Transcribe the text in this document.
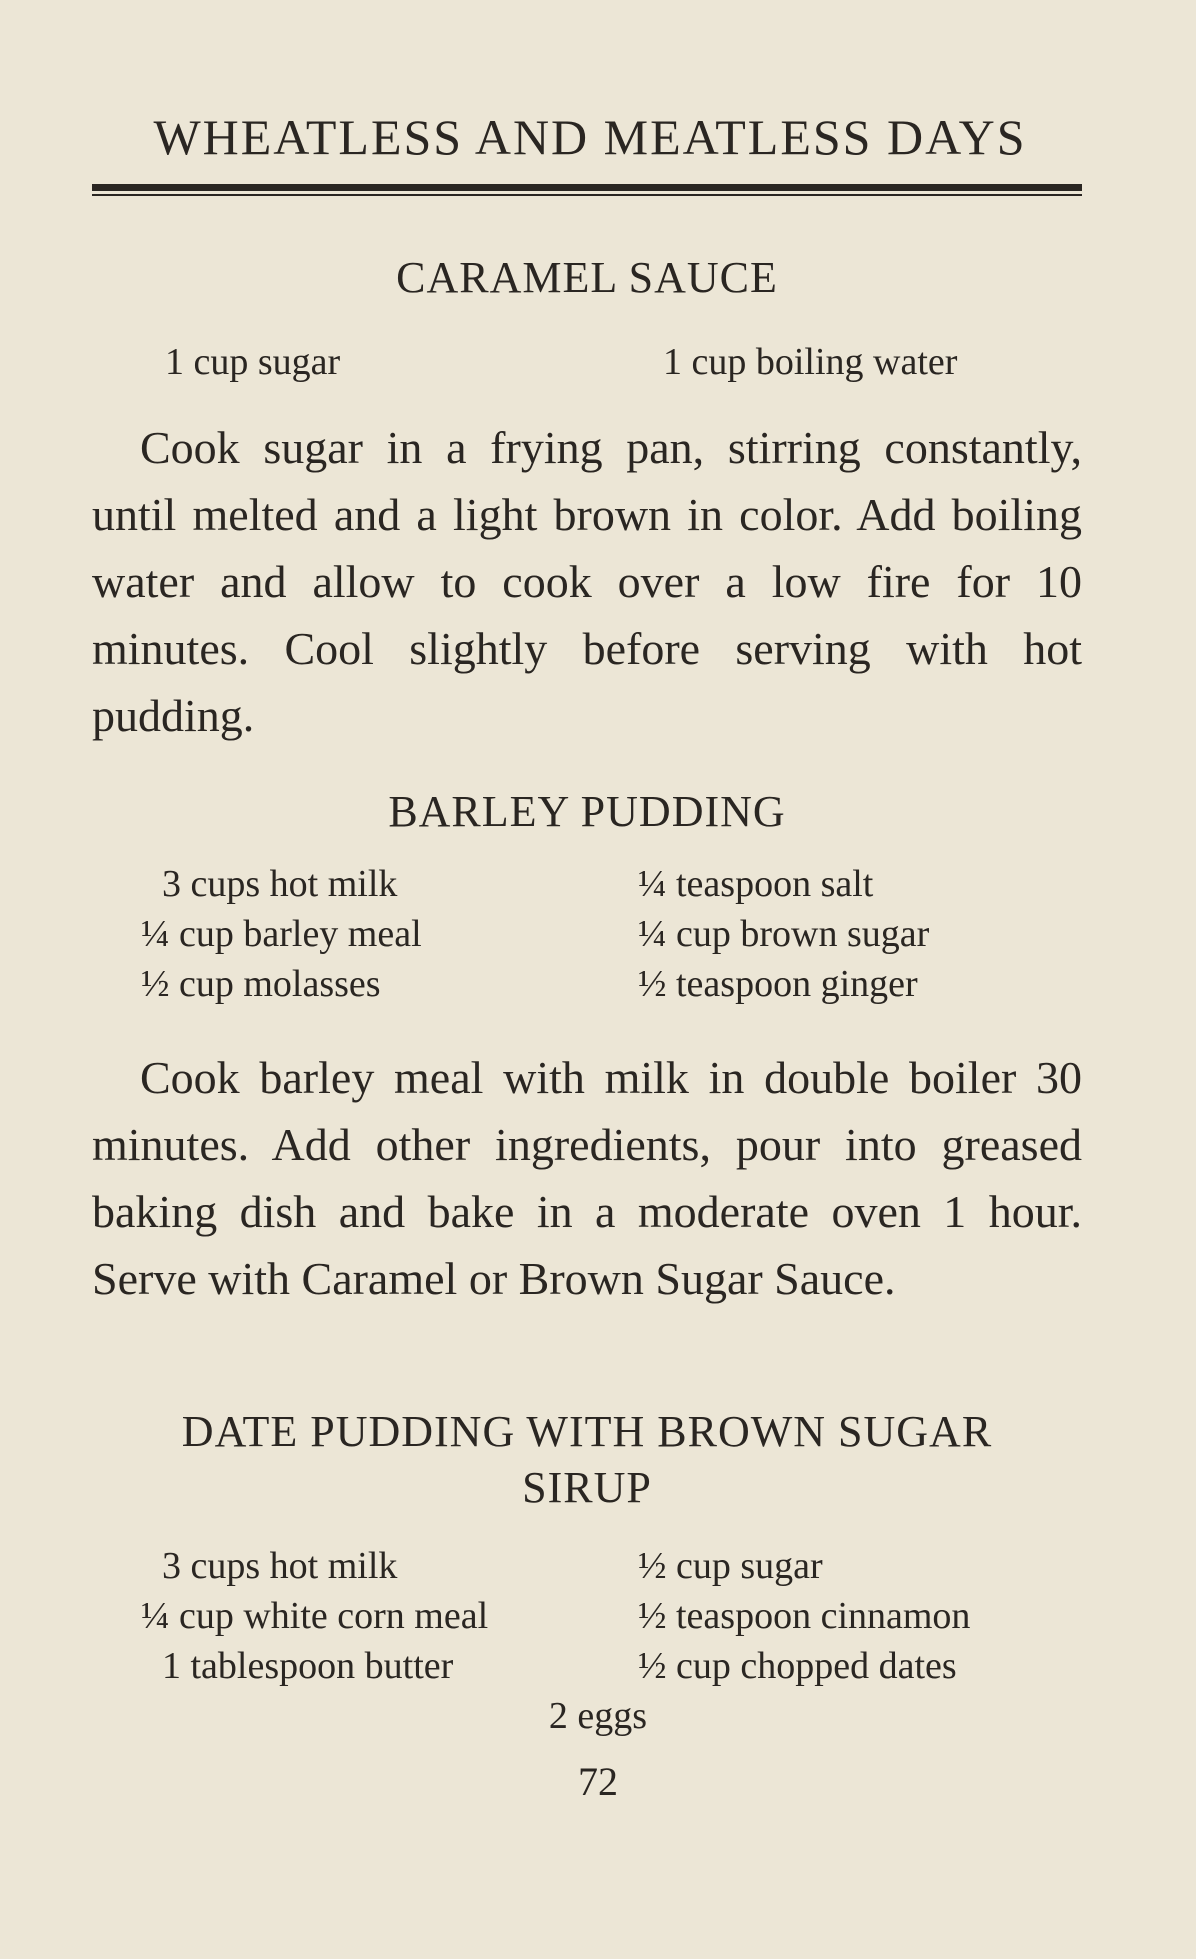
WHEATLESS AND MEATLESS DAYS
CARAMEL SAUCE
1 cup sugar	1 cup boiling water

Cook sugar in a frying pan, stirring constantly, until melted and a light brown in color. Add boiling water and allow to cook over a low fire for 10 minutes. Cool slightly before serving with hot pudding.

BARLEY PUDDING
3 cups hot milk
¼ cup barley meal
½ cup molasses
¼ teaspoon salt
¼ cup brown sugar
½ teaspoon ginger

Cook barley meal with milk in double boiler 30 minutes. Add other ingredients, pour into greased baking dish and bake in a moderate oven 1 hour. Serve with Caramel or Brown Sugar Sauce.

DATE PUDDING WITH BROWN SUGAR
SIRUP
3 cups hot milk
¼ cup white corn meal
1 tablespoon butter
½ cup sugar
½ teaspoon cinnamon
½ cup chopped dates
2 eggs
72
